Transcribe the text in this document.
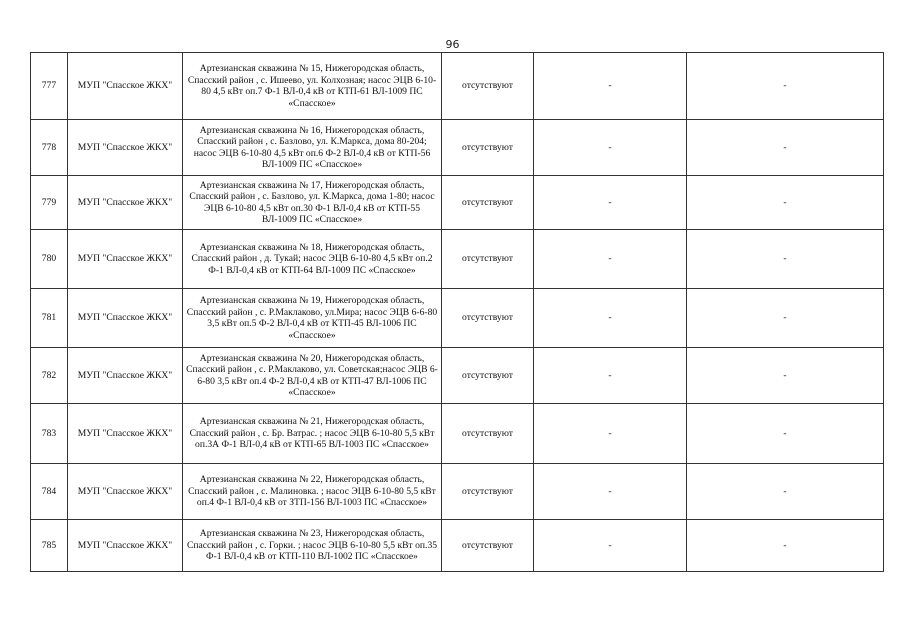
96
777	МУП "Спасское ЖКХ"	Артезианская скважина № 15, Нижегородская область, Спасский район , с. Ишеево, ул. Колхозная; насос ЭЦВ 6-10-80 4,5 кВт оп.7 Ф-1 ВЛ-0,4 кВ от КТП-61 ВЛ-1009 ПС «Спасское»	отсутствуют	-	-
778	МУП "Спасское ЖКХ"	Артезианская скважина № 16, Нижегородская область, Спасский район , с. Базлово, ул. К.Маркса, дома 80-204; насос ЭЦВ 6-10-80 4,5 кВт оп.6 Ф-2 ВЛ-0,4 кВ от КТП-56 ВЛ-1009 ПС «Спасское»	отсутствуют	-	-
779	МУП "Спасское ЖКХ"	Артезианская скважина № 17, Нижегородская область, Спасский район , с. Базлово, ул. К.Маркса, дома 1-80; насос ЭЦВ 6-10-80 4,5 кВт оп.30 Ф-1 ВЛ-0,4 кВ от КТП-55 ВЛ-1009 ПС «Спасское»	отсутствуют	-	-
780	МУП "Спасское ЖКХ"	Артезианская скважина № 18, Нижегородская область, Спасский район , д. Тукай; насос ЭЦВ 6-10-80 4,5 кВт оп.2 Ф-1 ВЛ-0,4 кВ от КТП-64 ВЛ-1009 ПС «Спасское»	отсутствуют	-	-
781	МУП "Спасское ЖКХ"	Артезианская скважина № 19, Нижегородская область, Спасский район , с. Р.Маклаково, ул.Мира; насос ЭЦВ 6-6-80 3,5 кВт оп.5 Ф-2 ВЛ-0,4 кВ от КТП-45 ВЛ-1006 ПС «Спасское»	отсутствуют	-	-
782	МУП "Спасское ЖКХ"	Артезианская скважина № 20, Нижегородская область, Спасский район , с. Р.Маклаково, ул. Советская;насос ЭЦВ 6-6-80 3,5 кВт оп.4 Ф-2 ВЛ-0,4 кВ от КТП-47 ВЛ-1006 ПС «Спасское»	отсутствуют	-	-
783	МУП "Спасское ЖКХ"	Артезианская скважина № 21, Нижегородская область, Спасский район , с. Бр. Ватрас. ; насос ЭЦВ 6-10-80 5,5 кВт оп.3А Ф-1 ВЛ-0,4 кВ от КТП-65 ВЛ-1003 ПС «Спасское»	отсутствуют	-	-
784	МУП "Спасское ЖКХ"	Артезианская скважина № 22, Нижегородская область, Спасский район , с. Малиновка. ; насос ЭЦВ 6-10-80 5,5 кВт оп.4 Ф-1 ВЛ-0,4 кВ от ЗТП-156 ВЛ-1003 ПС «Спасское»	отсутствуют	-	-
785	МУП "Спасское ЖКХ"	Артезианская скважина № 23, Нижегородская область, Спасский район , с. Горки. ; насос ЭЦВ 6-10-80 5,5 кВт оп.35 Ф-1 ВЛ-0,4 кВ от КТП-110 ВЛ-1002 ПС «Спасское»	отсутствуют	-	-
